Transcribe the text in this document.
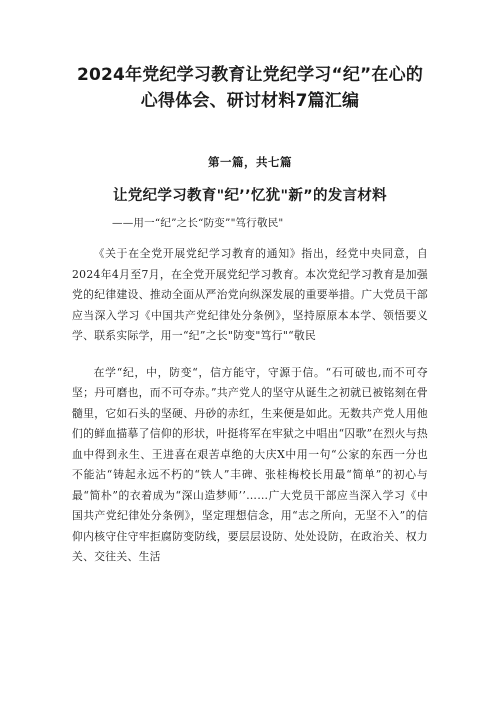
2024年党纪学习教育让党纪学习“纪”在心的心得体会、研讨材料7篇汇编
第一篇，共七篇
让党纪学习教育"纪’’忆犹"新”的发言材料
——用一“纪”之长“防变”"笃行敬民"

《关于在全党开展党纪学习教育的通知》指出，经党中央同意，自2024年4月至7月，在全党开展党纪学习教育。本次党纪学习教育是加强党的纪律建设、推动全面从严治党向纵深发展的重要举措。广大党员干部应当深入学习《中国共产党纪律处分条例》，坚持原原本本学、领悟要义学、联系实际学，用一“纪”之长"防变"笃行"“敬民

在学“纪，中，防变“，信方能守，守源于信。“石可破也,而不可夺坚；丹可磨也，而不可夺赤。”共产党人的坚守从诞生之初就已被铭刻在骨髓里，它如石头的坚硬、丹砂的赤红，生来便是如此。无数共产党人用他们的鲜血描摹了信仰的形状，叶挺将军在牢狱之中唱出“囚歌”在烈火与热血中得到永生、王进喜在艰苦卓绝的大庆X中用一句“公家的东西一分也不能沾“铸起永远不朽的“铁人”丰碑、张桂梅校长用最“简单”的初心与最“简朴”的衣着成为“深山造梦师’’……广大党员干部应当深入学习《中国共产党纪律处分条例》，坚定理想信念，用“志之所向，无坚不入”的信仰内核守住守牢拒腐防变防线，要层层设防、处处设防，在政治关、权力关、交往关、生活
